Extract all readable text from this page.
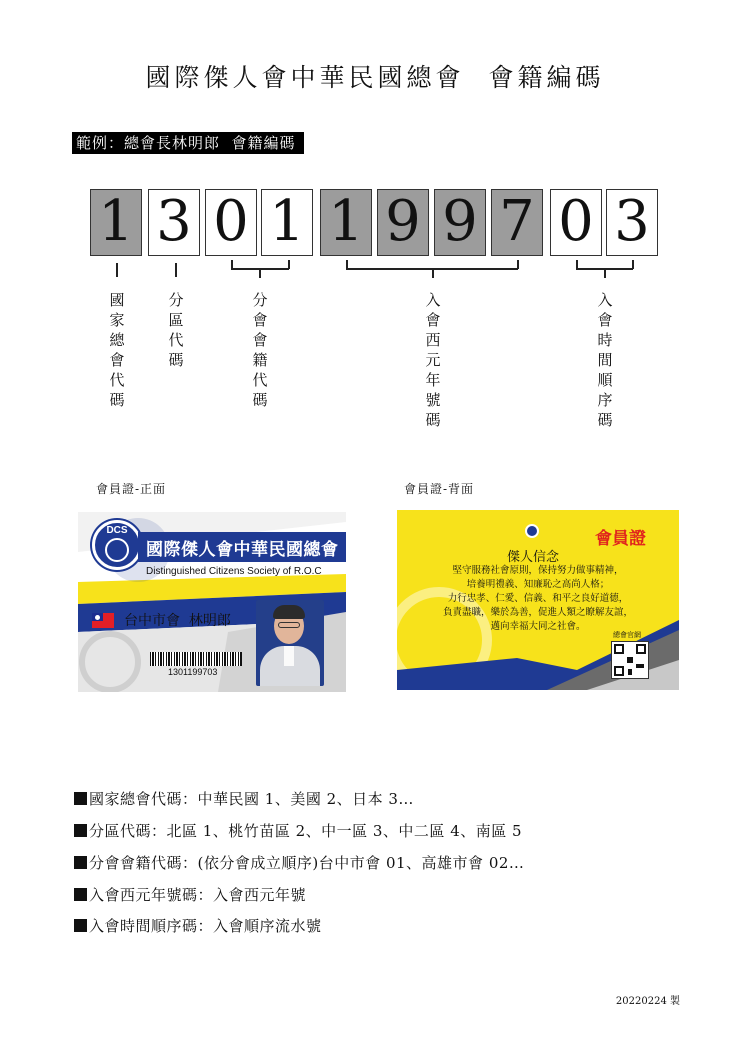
國際傑人會中華民國總會  會籍編碼
範例：總會長林明郎  會籍編碼
1 3 0 1 1 9 9 7 0 3
國家總會代碼
分區代碼
分會會籍代碼
入會西元年號碼
入會時間順序碼
會員證-正面	會員證-背面
DCS
國際傑人會中華民國總會
Distinguished Citizens Society of R.O.C
台中市會  林明郎
1301199703
會員證
傑人信念
堅守服務社會原則，保持努力做事精神，
培養明禮義、知廉恥之高尚人格；
力行忠孝、仁愛、信義、和平之良好道德，
負責盡職，樂於為善，促進人類之瞭解友誼，
邁向幸福大同之社會。
總會官網
國家總會代碼：中華民國 1、美國 2、日本 3…
分區代碼：北區 1、桃竹苗區 2、中一區 3、中二區 4、南區 5
分會會籍代碼：(依分會成立順序)台中市會 01、高雄市會 02…
入會西元年號碼：入會西元年號
入會時間順序碼：入會順序流水號
20220224 製
